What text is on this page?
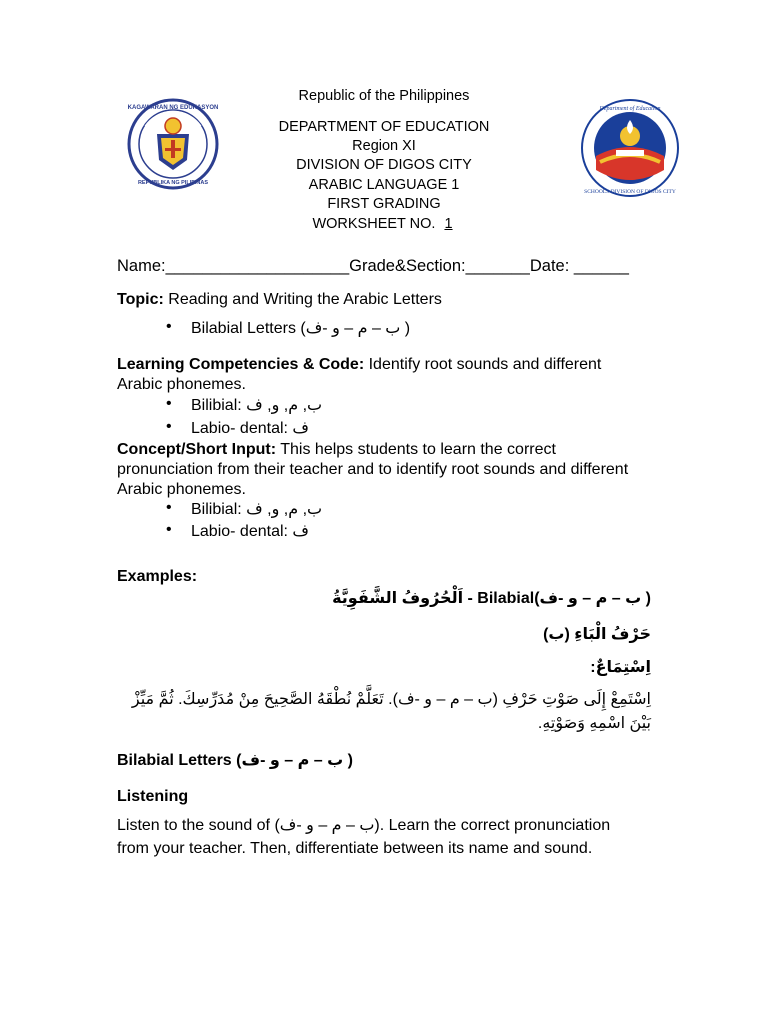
REPUBLIKA NG PILIPINAS
KAGAWARAN NG EDUKASYON	Department of Education
SCHOOLS DIVISION OF DIGOS CITY
Republic of the Philippines
DEPARTMENT OF EDUCATION
Region XI
DIVISION OF DIGOS CITY
ARABIC LANGUAGE 1
FIRST GRADING
WORKSHEET NO. 1
Name:____________________Grade&Section:_______Date: ______
Topic: Reading and Writing the Arabic Letters
• Bilabial Letters (ب – م – و -ف )
Learning Competencies & Code: Identify root sounds and different Arabic phonemes.
• Bilibial: ب, م, و, ف
• Labio- dental: ف
Concept/Short Input: This helps students to learn the correct pronunciation from their teacher and to identify root sounds and different Arabic phonemes.
• Bilibial: ب, م, و, ف
• Labio- dental: ف
Examples:
( ب – م – و -ف)Bilabial - اَلْحُرُوفُ الشَّفَوِيَّةُ
حَرْفُ الْبَاءِ (ب)
اِسْتِمَاعٌ:
اِسْتَمِعْ إِلَى صَوْتِ حَرْفِ (ب – م – و -ف). تَعَلَّمْ نُطْقَهُ الصَّحِيحَ مِنْ مُدَرِّسِكَ. ثُمَّ مَيِّزْ بَيْنَ اسْمِهِ وَصَوْتِهِ.
Bilabial Letters (ب – م – و -ف )
Listening
Listen to the sound of (ب – م – و -ف). Learn the correct pronunciation from your teacher. Then, differentiate between its name and sound.
